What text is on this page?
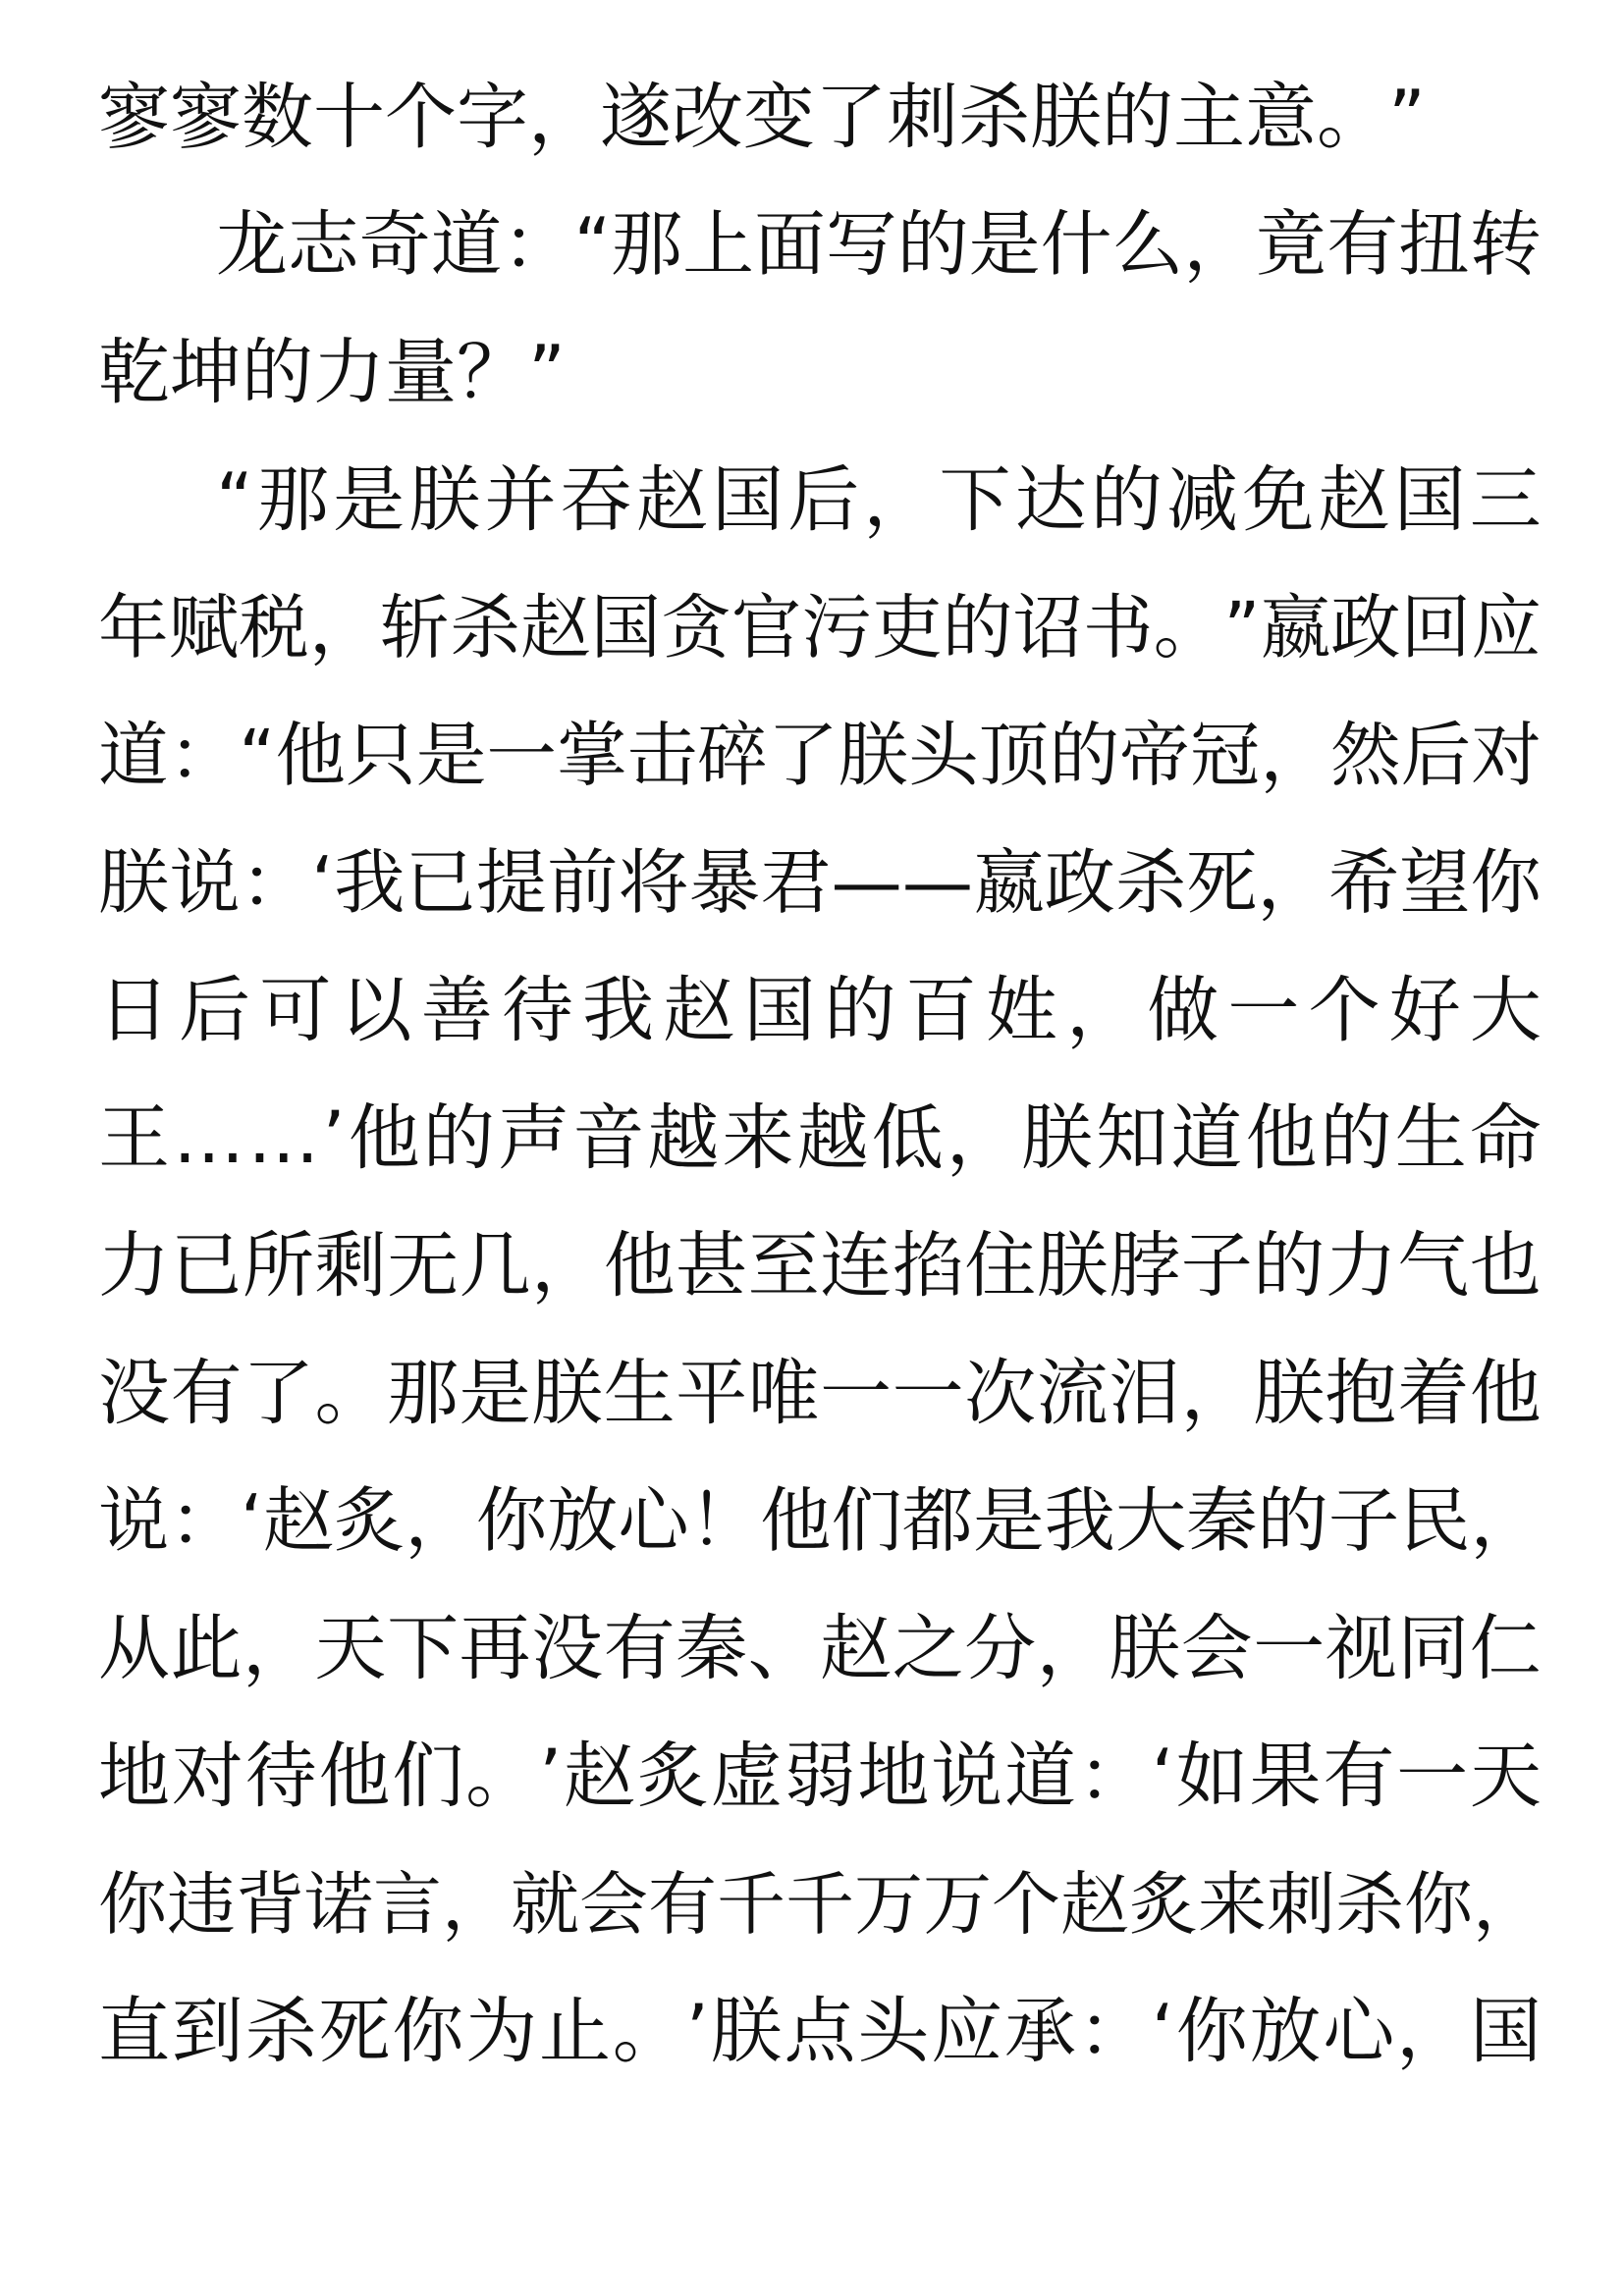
寥寥数十个字，遂改变了刺杀朕的主意。”

龙志奇道：“那上面写的是什么，竟有扭转

乾坤的力量？”

“那是朕并吞赵国后，下达的减免赵国三

年赋税，斩杀赵国贪官污吏的诏书。”嬴政回应

道：“他只是一掌击碎了朕头顶的帝冠，然后对

朕说：‘我已提前将暴君——嬴政杀死，希望你

日 后 可 以 善 待 我 赵 国 的 百 姓 ， 做 一 个 好 大

王……’他的声音越来越低，朕知道他的生命

力已所剩无几，他甚至连掐住朕脖子的力气也

没有了。那是朕生平唯一一次流泪，朕抱着他

说：‘赵炙，你放心！他们都是我大秦的子民，

从此，天下再没有秦、赵之分，朕会一视同仁

地对待他们。’赵炙虚弱地说道：‘如果有一天

你违背诺言，就会有千千万万个赵炙来刺杀你，

直到杀死你为止。’朕点头应承：‘你放心，国
